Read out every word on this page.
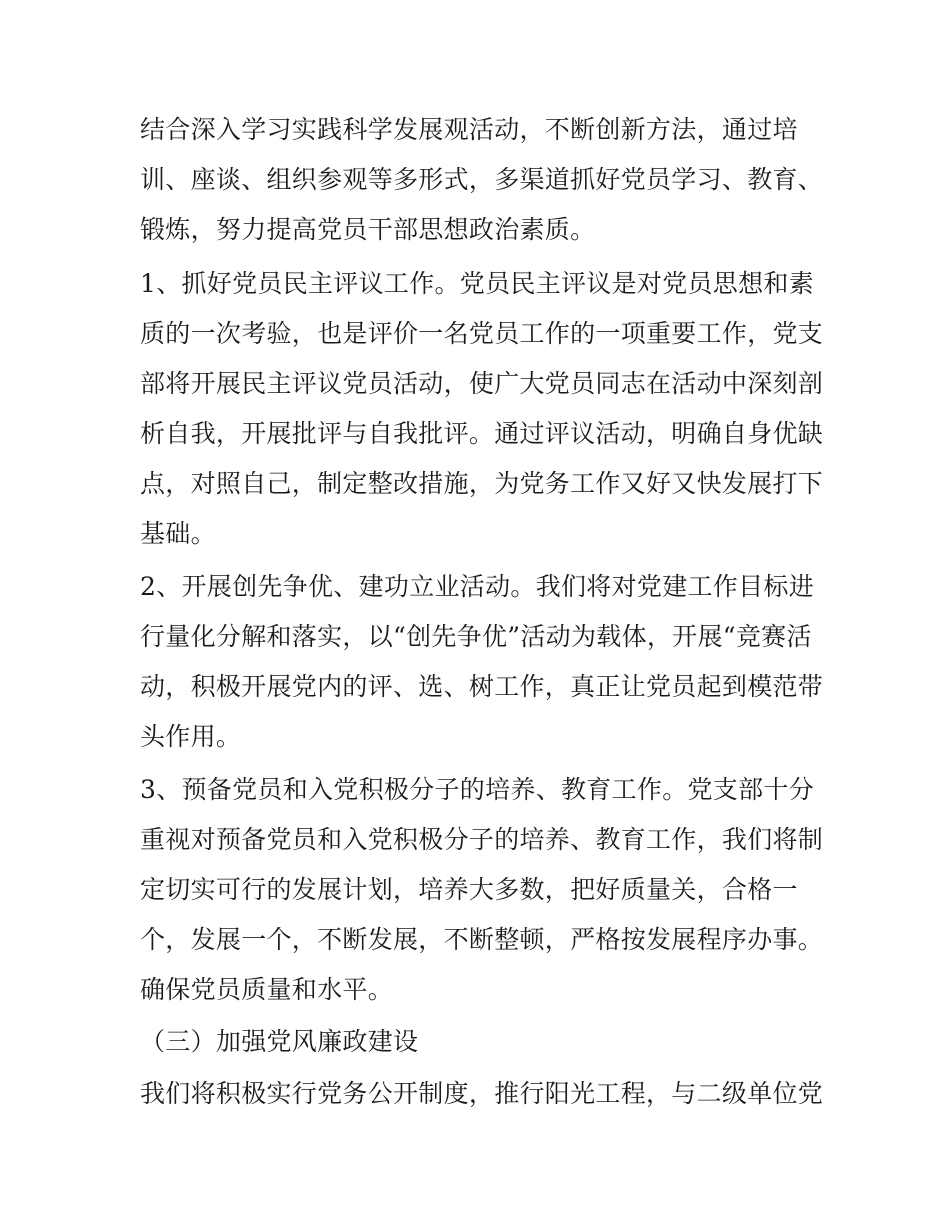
结合深入学习实践科学发展观活动，不断创新方法，通过培
训、座谈、组织参观等多形式，多渠道抓好党员学习、教育、
锻炼，努力提高党员干部思想政治素质。
1、抓好党员民主评议工作。党员民主评议是对党员思想和素
质的一次考验，也是评价一名党员工作的一项重要工作，党支
部将开展民主评议党员活动，使广大党员同志在活动中深刻剖
析自我，开展批评与自我批评。通过评议活动，明确自身优缺
点，对照自己，制定整改措施，为党务工作又好又快发展打下
基础。
2、开展创先争优、建功立业活动。我们将对党建工作目标进
行量化分解和落实，以“创先争优”活动为载体，开展“竞赛活
动，积极开展党内的评、选、树工作，真正让党员起到模范带
头作用。
3、预备党员和入党积极分子的培养、教育工作。党支部十分
重视对预备党员和入党积极分子的培养、教育工作，我们将制
定切实可行的发展计划，培养大多数，把好质量关，合格一
个，发展一个，不断发展，不断整顿，严格按发展程序办事。
确保党员质量和水平。
（三）加强党风廉政建设
我们将积极实行党务公开制度，推行阳光工程，与二级单位党
